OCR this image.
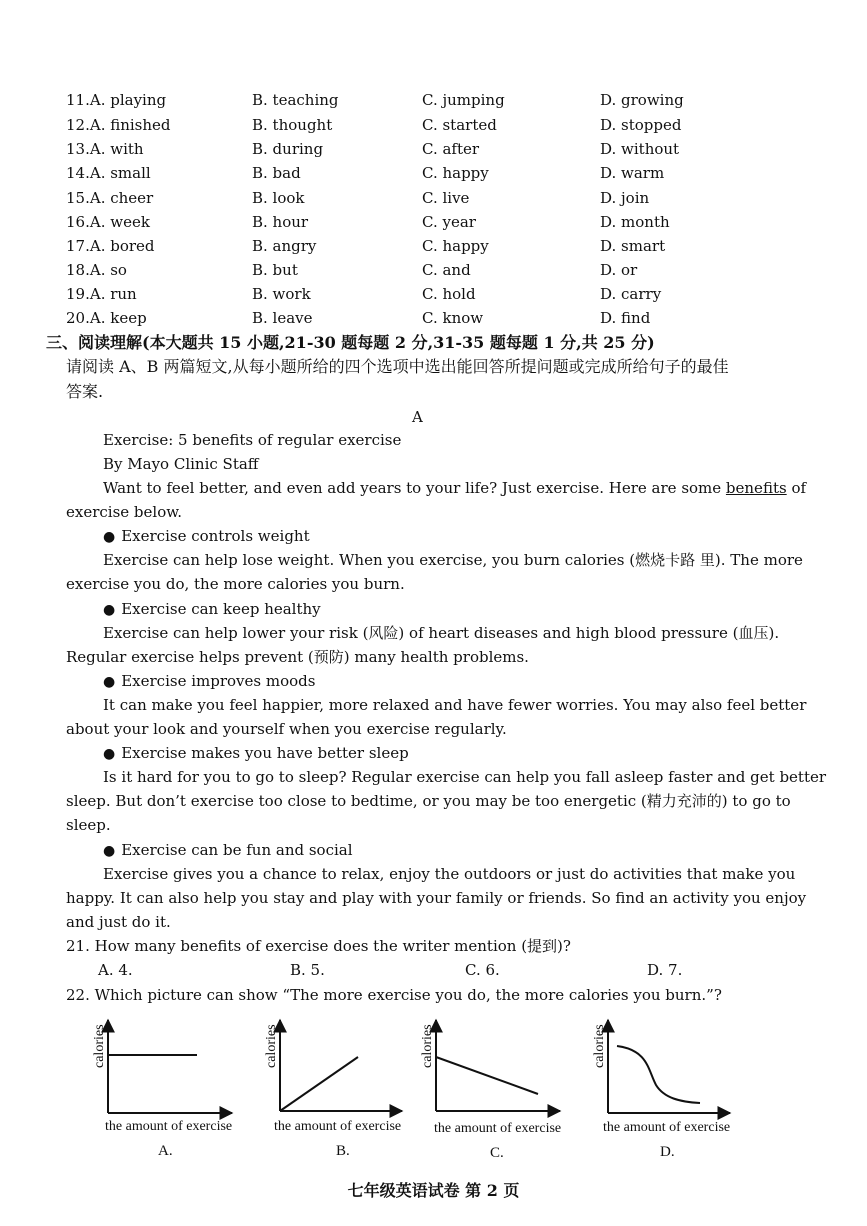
11.A. playing	B. teaching	C. jumping	D. growing
12.A. finished	B. thought	C. started	D. stopped
13.A. with	B. during	C. after	D. without
14.A. small	B. bad	C. happy	D. warm
15.A. cheer	B. look	C. live	D. join
16.A. week	B. hour	C. year	D. month
17.A. bored	B. angry	C. happy	D. smart
18.A. so	B. but	C. and	D. or
19.A. run	B. work	C. hold	D. carry
20.A. keep	B. leave	C. know	D. find
三、阅读理解(本大题共 15 小题,21-30 题每题 2 分,31-35 题每题 1 分,共 25 分)
请阅读 A、B 两篇短文,从每小题所给的四个选项中选出能回答所提问题或完成所给句子的最佳
答案.
A
Exercise: 5 benefits of regular exercise
By Mayo Clinic Staff
Want to feel better, and even add years to your life? Just exercise. Here are some benefits of
exercise below.
● Exercise controls weight
Exercise can help lose weight. When you exercise, you burn calories (燃烧卡路 里). The more
exercise you do, the more calories you burn.
● Exercise can keep healthy
Exercise can help lower your risk (风险) of heart diseases and high blood pressure (血压).
Regular exercise helps prevent (预防) many health problems.
● Exercise improves moods
It can make you feel happier, more relaxed and have fewer worries. You may also feel better
about your look and yourself when you exercise regularly.
● Exercise makes you have better sleep
Is it hard for you to go to sleep? Regular exercise can help you fall asleep faster and get better
sleep. But don’t exercise too close to bedtime, or you may be too energetic (精力充沛的) to go to
sleep.
● Exercise can be fun and social
Exercise gives you a chance to relax, enjoy the outdoors or just do activities that make you
happy. It can also help you stay and play with your family or friends. So find an activity you enjoy
and just do it.
21. How many benefits of exercise does the writer mention (提到)?
A. 4.	B. 5.	C. 6.	D. 7.
22. Which picture can show “The more exercise you do, the more calories you burn.”?
calories
the amount of exercise
A.
calories
the amount of exercise
B.
calories
the amount of exercise
C.
calories
the amount of exercise
D.
七年级英语试卷 第 2 页
